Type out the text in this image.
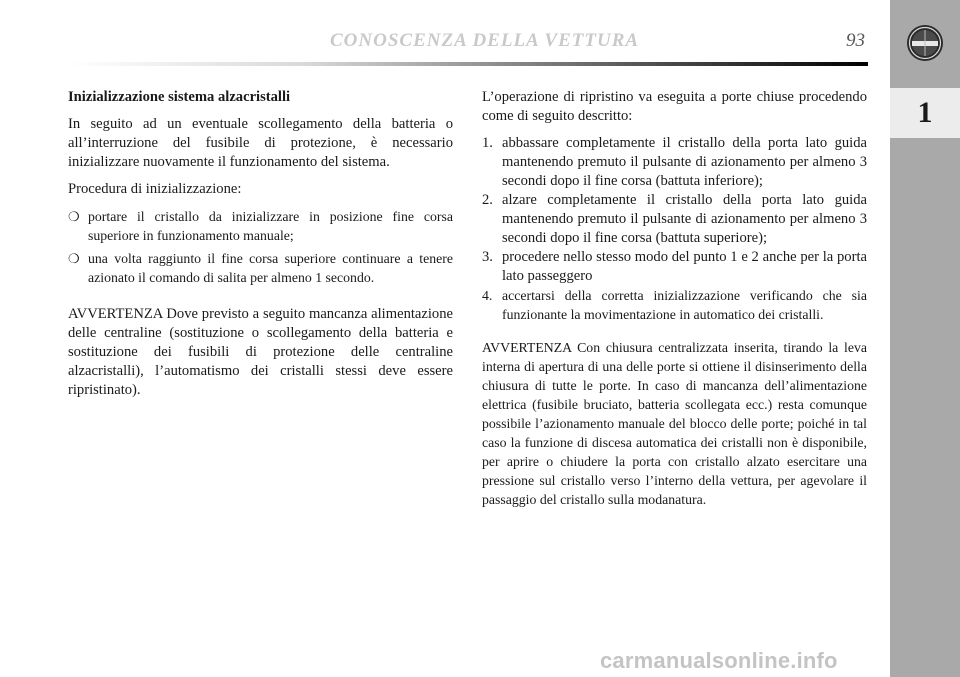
CONOSCENZA DELLA VETTURA	93
1

Inizializzazione sistema alzacristalli

In seguito ad un eventuale scollegamento della batteria o all’interruzione del fusibile di protezione, è necessario inizializzare nuovamente il funzionamento del sistema.

Procedura di inizializzazione:

❍ portare il cristallo da inizializzare in posizione fine corsa superiore in funzionamento manuale;
❍ una volta raggiunto il fine corsa superiore continuare a tenere azionato il comando di salita per almeno 1 secondo.

AVVERTENZA Dove previsto a seguito mancanza alimentazione delle centraline (sostituzione o scollegamento della batteria e sostituzione dei fusibili di protezione delle centraline alzacristalli), l’automatismo dei cristalli stessi deve essere ripristinato).

L’operazione di ripristino va eseguita a porte chiuse procedendo come di seguito descritto:

1. abbassare completamente il cristallo della porta lato guida mantenendo premuto il pulsante di azionamento per almeno 3 secondi dopo il fine corsa (battuta inferiore);
2. alzare completamente il cristallo della porta lato guida mantenendo premuto il pulsante di azionamento per almeno 3 secondi dopo il fine corsa (battuta superiore);
3. procedere nello stesso modo del punto 1 e 2 anche per la porta lato passeggero
4. accertarsi della corretta inizializzazione verificando che sia funzionante la movimentazione in automatico dei cristalli.

AVVERTENZA Con chiusura centralizzata inserita, tirando la leva interna di apertura di una delle porte si ottiene il disinserimento della chiusura di tutte le porte. In caso di mancanza dell’alimentazione elettrica (fusibile bruciato, batteria scollegata ecc.) resta comunque possibile l’azionamento manuale del blocco delle porte; poiché in tal caso la funzione di discesa automatica dei cristalli non è disponibile, per aprire o chiudere la porta con cristallo alzato esercitare una pressione sul cristallo verso l’interno della vettura, per agevolare il passaggio del cristallo sulla modanatura.

carmanualsonline.info
